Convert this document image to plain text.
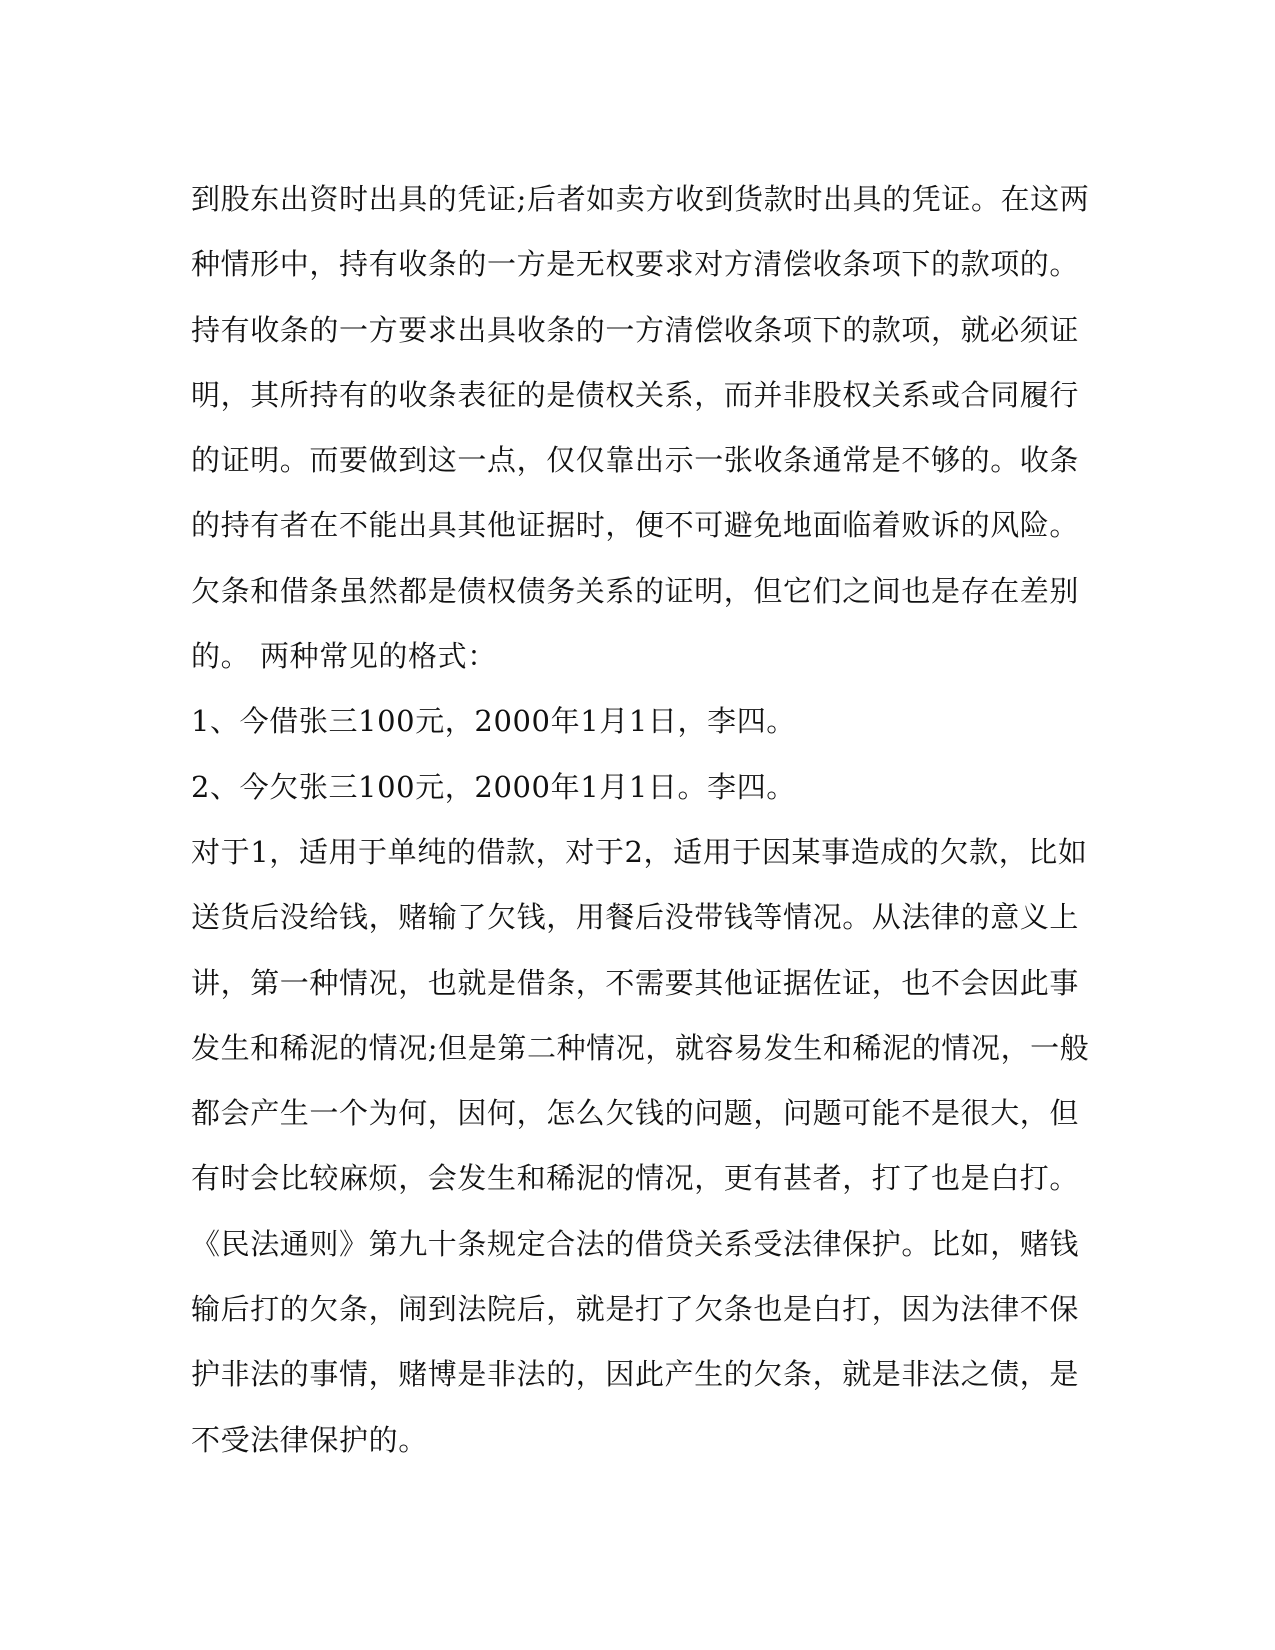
到股东出资时出具的凭证;后者如卖方收到货款时出具的凭证。在这两
种情形中，持有收条的一方是无权要求对方清偿收条项下的款项的。
持有收条的一方要求出具收条的一方清偿收条项下的款项，就必须证
明，其所持有的收条表征的是债权关系，而并非股权关系或合同履行
的证明。而要做到这一点，仅仅靠出示一张收条通常是不够的。收条
的持有者在不能出具其他证据时，便不可避免地面临着败诉的风险。
欠条和借条虽然都是债权债务关系的证明，但它们之间也是存在差别
的。 两种常见的格式：
1、今借张三100元，2000年1月1日，李四。
2、今欠张三100元，2000年1月1日。李四。
对于1，适用于单纯的借款，对于2，适用于因某事造成的欠款，比如
送货后没给钱，赌输了欠钱，用餐后没带钱等情况。从法律的意义上
讲，第一种情况，也就是借条，不需要其他证据佐证，也不会因此事
发生和稀泥的情况;但是第二种情况，就容易发生和稀泥的情况，一般
都会产生一个为何，因何，怎么欠钱的问题，问题可能不是很大，但
有时会比较麻烦，会发生和稀泥的情况，更有甚者，打了也是白打。
《民法通则》第九十条规定合法的借贷关系受法律保护。比如，赌钱
输后打的欠条，闹到法院后，就是打了欠条也是白打，因为法律不保
护非法的事情，赌博是非法的，因此产生的欠条，就是非法之债，是
不受法律保护的。
